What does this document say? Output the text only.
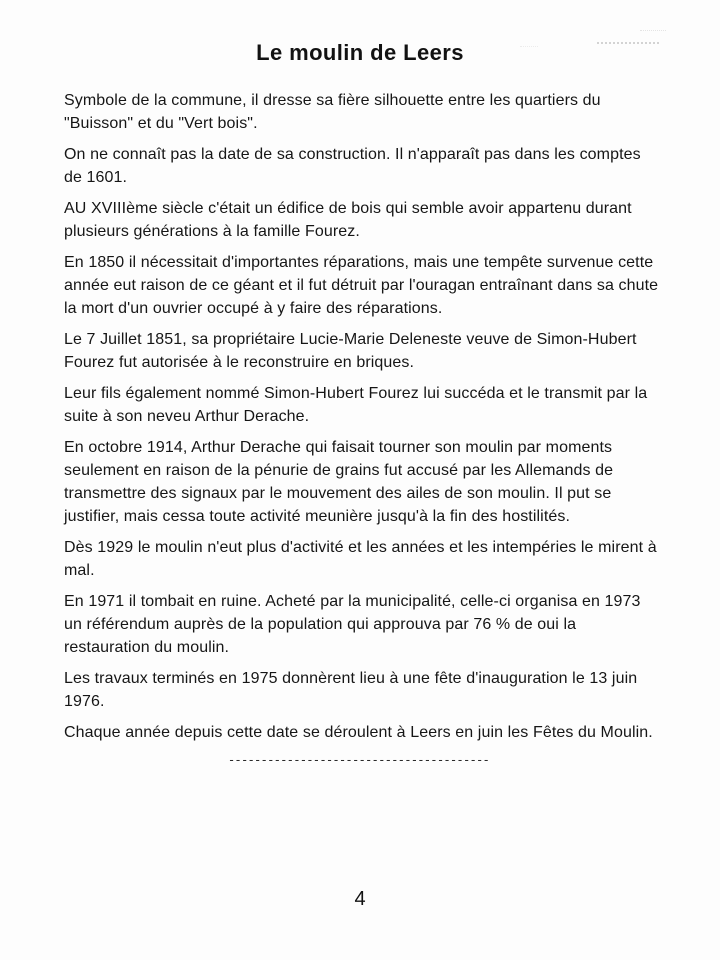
Le moulin de Leers

Symbole de la commune, il dresse sa fière silhouette entre les quartiers du "Buisson" et du "Vert bois".

On ne connaît pas la date de sa construction. Il n'apparaît pas dans les comptes de 1601.

AU XVIIIème siècle c'était un édifice de bois qui semble avoir appartenu durant plusieurs générations à la famille Fourez.

En 1850 il nécessitait d'importantes réparations, mais une tempête survenue cette année eut raison de ce géant et il fut détruit par l'ouragan entraînant dans sa chute la mort d'un ouvrier occupé à y faire des réparations.

Le 7 Juillet 1851, sa propriétaire Lucie-Marie Deleneste veuve de Simon-Hubert Fourez fut autorisée à le reconstruire en briques.

Leur fils également nommé Simon-Hubert Fourez lui succéda et le transmit par la suite à son neveu Arthur Derache.

En octobre 1914, Arthur Derache qui faisait tourner son moulin par moments seulement en raison de la pénurie de grains fut accusé par les Allemands de transmettre des signaux par le mouvement des ailes de son moulin. Il put se justifier, mais cessa toute activité meunière jusqu'à la fin des hostilités.

Dès 1929 le moulin n'eut plus d'activité et les années et les intempéries le mirent à mal.

En 1971 il tombait en ruine. Acheté par la municipalité, celle-ci organisa en 1973 un référendum auprès de la population qui approuva par 76 % de oui la restauration du moulin.

Les travaux terminés en 1975 donnèrent lieu à une fête d'inauguration le 13 juin 1976.

Chaque année depuis cette date se déroulent à Leers en juin les Fêtes du Moulin.

----------------------------------------
4
